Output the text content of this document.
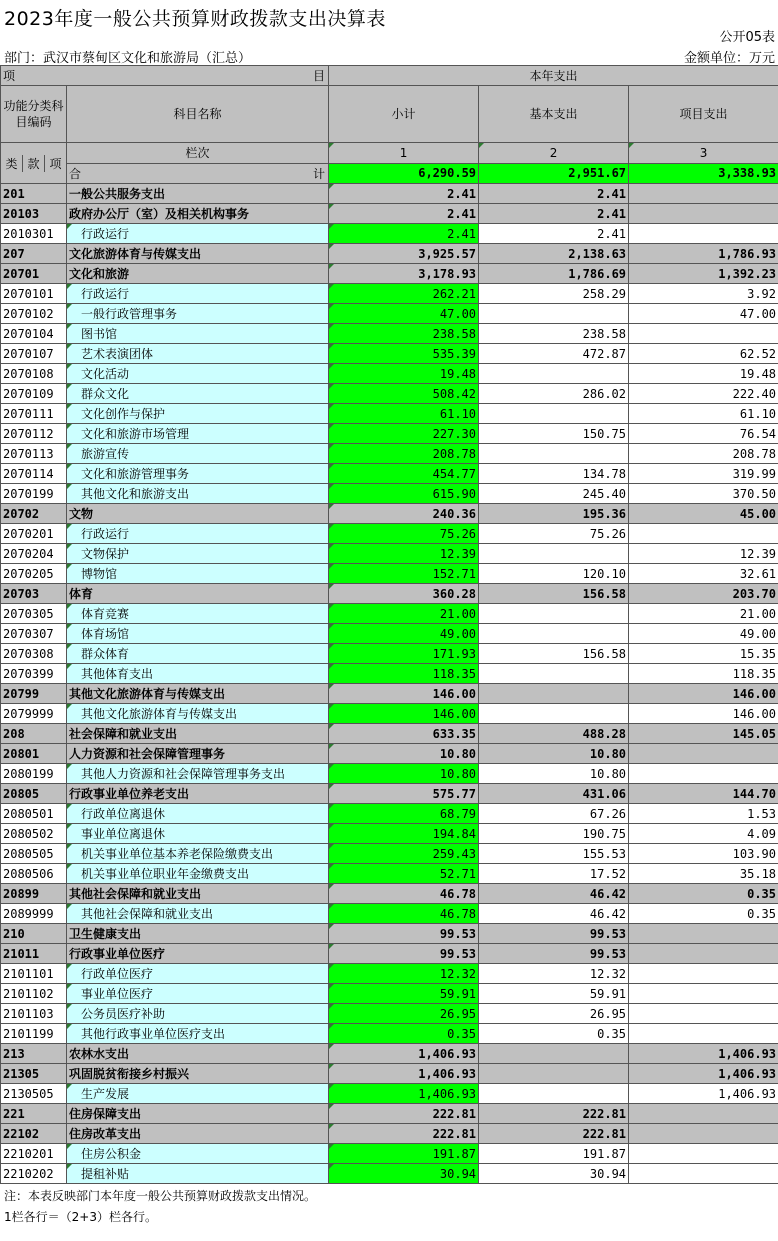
2023年度一般公共预算财政拨款支出决算表
公开05表
部门：武汉市蔡甸区文化和旅游局（汇总）	金额单位：万元
项 目		本年支出		
功能分类科目编码	科目名称	小计	基本支出	项目支出

类 款 项	栏次	1	2	3
	合 计	6,290.59	2,951.67	3,338.93
201	一般公共服务支出	2.41	2.41	
20103	政府办公厅（室）及相关机构事务	2.41	2.41	
2010301	行政运行	2.41	2.41	
207	文化旅游体育与传媒支出	3,925.57	2,138.63	1,786.93
20701	文化和旅游	3,178.93	1,786.69	1,392.23
2070101	行政运行	262.21	258.29	3.92
2070102	一般行政管理事务	47.00		47.00
2070104	图书馆	238.58	238.58	
2070107	艺术表演团体	535.39	472.87	62.52
2070108	文化活动	19.48		19.48
2070109	群众文化	508.42	286.02	222.40
2070111	文化创作与保护	61.10		61.10
2070112	文化和旅游市场管理	227.30	150.75	76.54
2070113	旅游宣传	208.78		208.78
2070114	文化和旅游管理事务	454.77	134.78	319.99
2070199	其他文化和旅游支出	615.90	245.40	370.50
20702	文物	240.36	195.36	45.00
2070201	行政运行	75.26	75.26	
2070204	文物保护	12.39		12.39
2070205	博物馆	152.71	120.10	32.61
20703	体育	360.28	156.58	203.70
2070305	体育竞赛	21.00		21.00
2070307	体育场馆	49.00		49.00
2070308	群众体育	171.93	156.58	15.35
2070399	其他体育支出	118.35		118.35
20799	其他文化旅游体育与传媒支出	146.00		146.00
2079999	其他文化旅游体育与传媒支出	146.00		146.00
208	社会保障和就业支出	633.35	488.28	145.05
20801	人力资源和社会保障管理事务	10.80	10.80	
2080199	其他人力资源和社会保障管理事务支出	10.80	10.80	
20805	行政事业单位养老支出	575.77	431.06	144.70
2080501	行政单位离退休	68.79	67.26	1.53
2080502	事业单位离退休	194.84	190.75	4.09
2080505	机关事业单位基本养老保险缴费支出	259.43	155.53	103.90
2080506	机关事业单位职业年金缴费支出	52.71	17.52	35.18
20899	其他社会保障和就业支出	46.78	46.42	0.35
2089999	其他社会保障和就业支出	46.78	46.42	0.35
210	卫生健康支出	99.53	99.53	
21011	行政事业单位医疗	99.53	99.53	
2101101	行政单位医疗	12.32	12.32	
2101102	事业单位医疗	59.91	59.91	
2101103	公务员医疗补助	26.95	26.95	
2101199	其他行政事业单位医疗支出	0.35	0.35	
213	农林水支出	1,406.93		1,406.93
21305	巩固脱贫衔接乡村振兴	1,406.93		1,406.93
2130505	生产发展	1,406.93		1,406.93
221	住房保障支出	222.81	222.81	
22102	住房改革支出	222.81	222.81	
2210201	住房公积金	191.87	191.87	
2210202	提租补贴	30.94	30.94	
注：本表反映部门本年度一般公共预算财政拨款支出情况。
1栏各行＝（2+3）栏各行。
